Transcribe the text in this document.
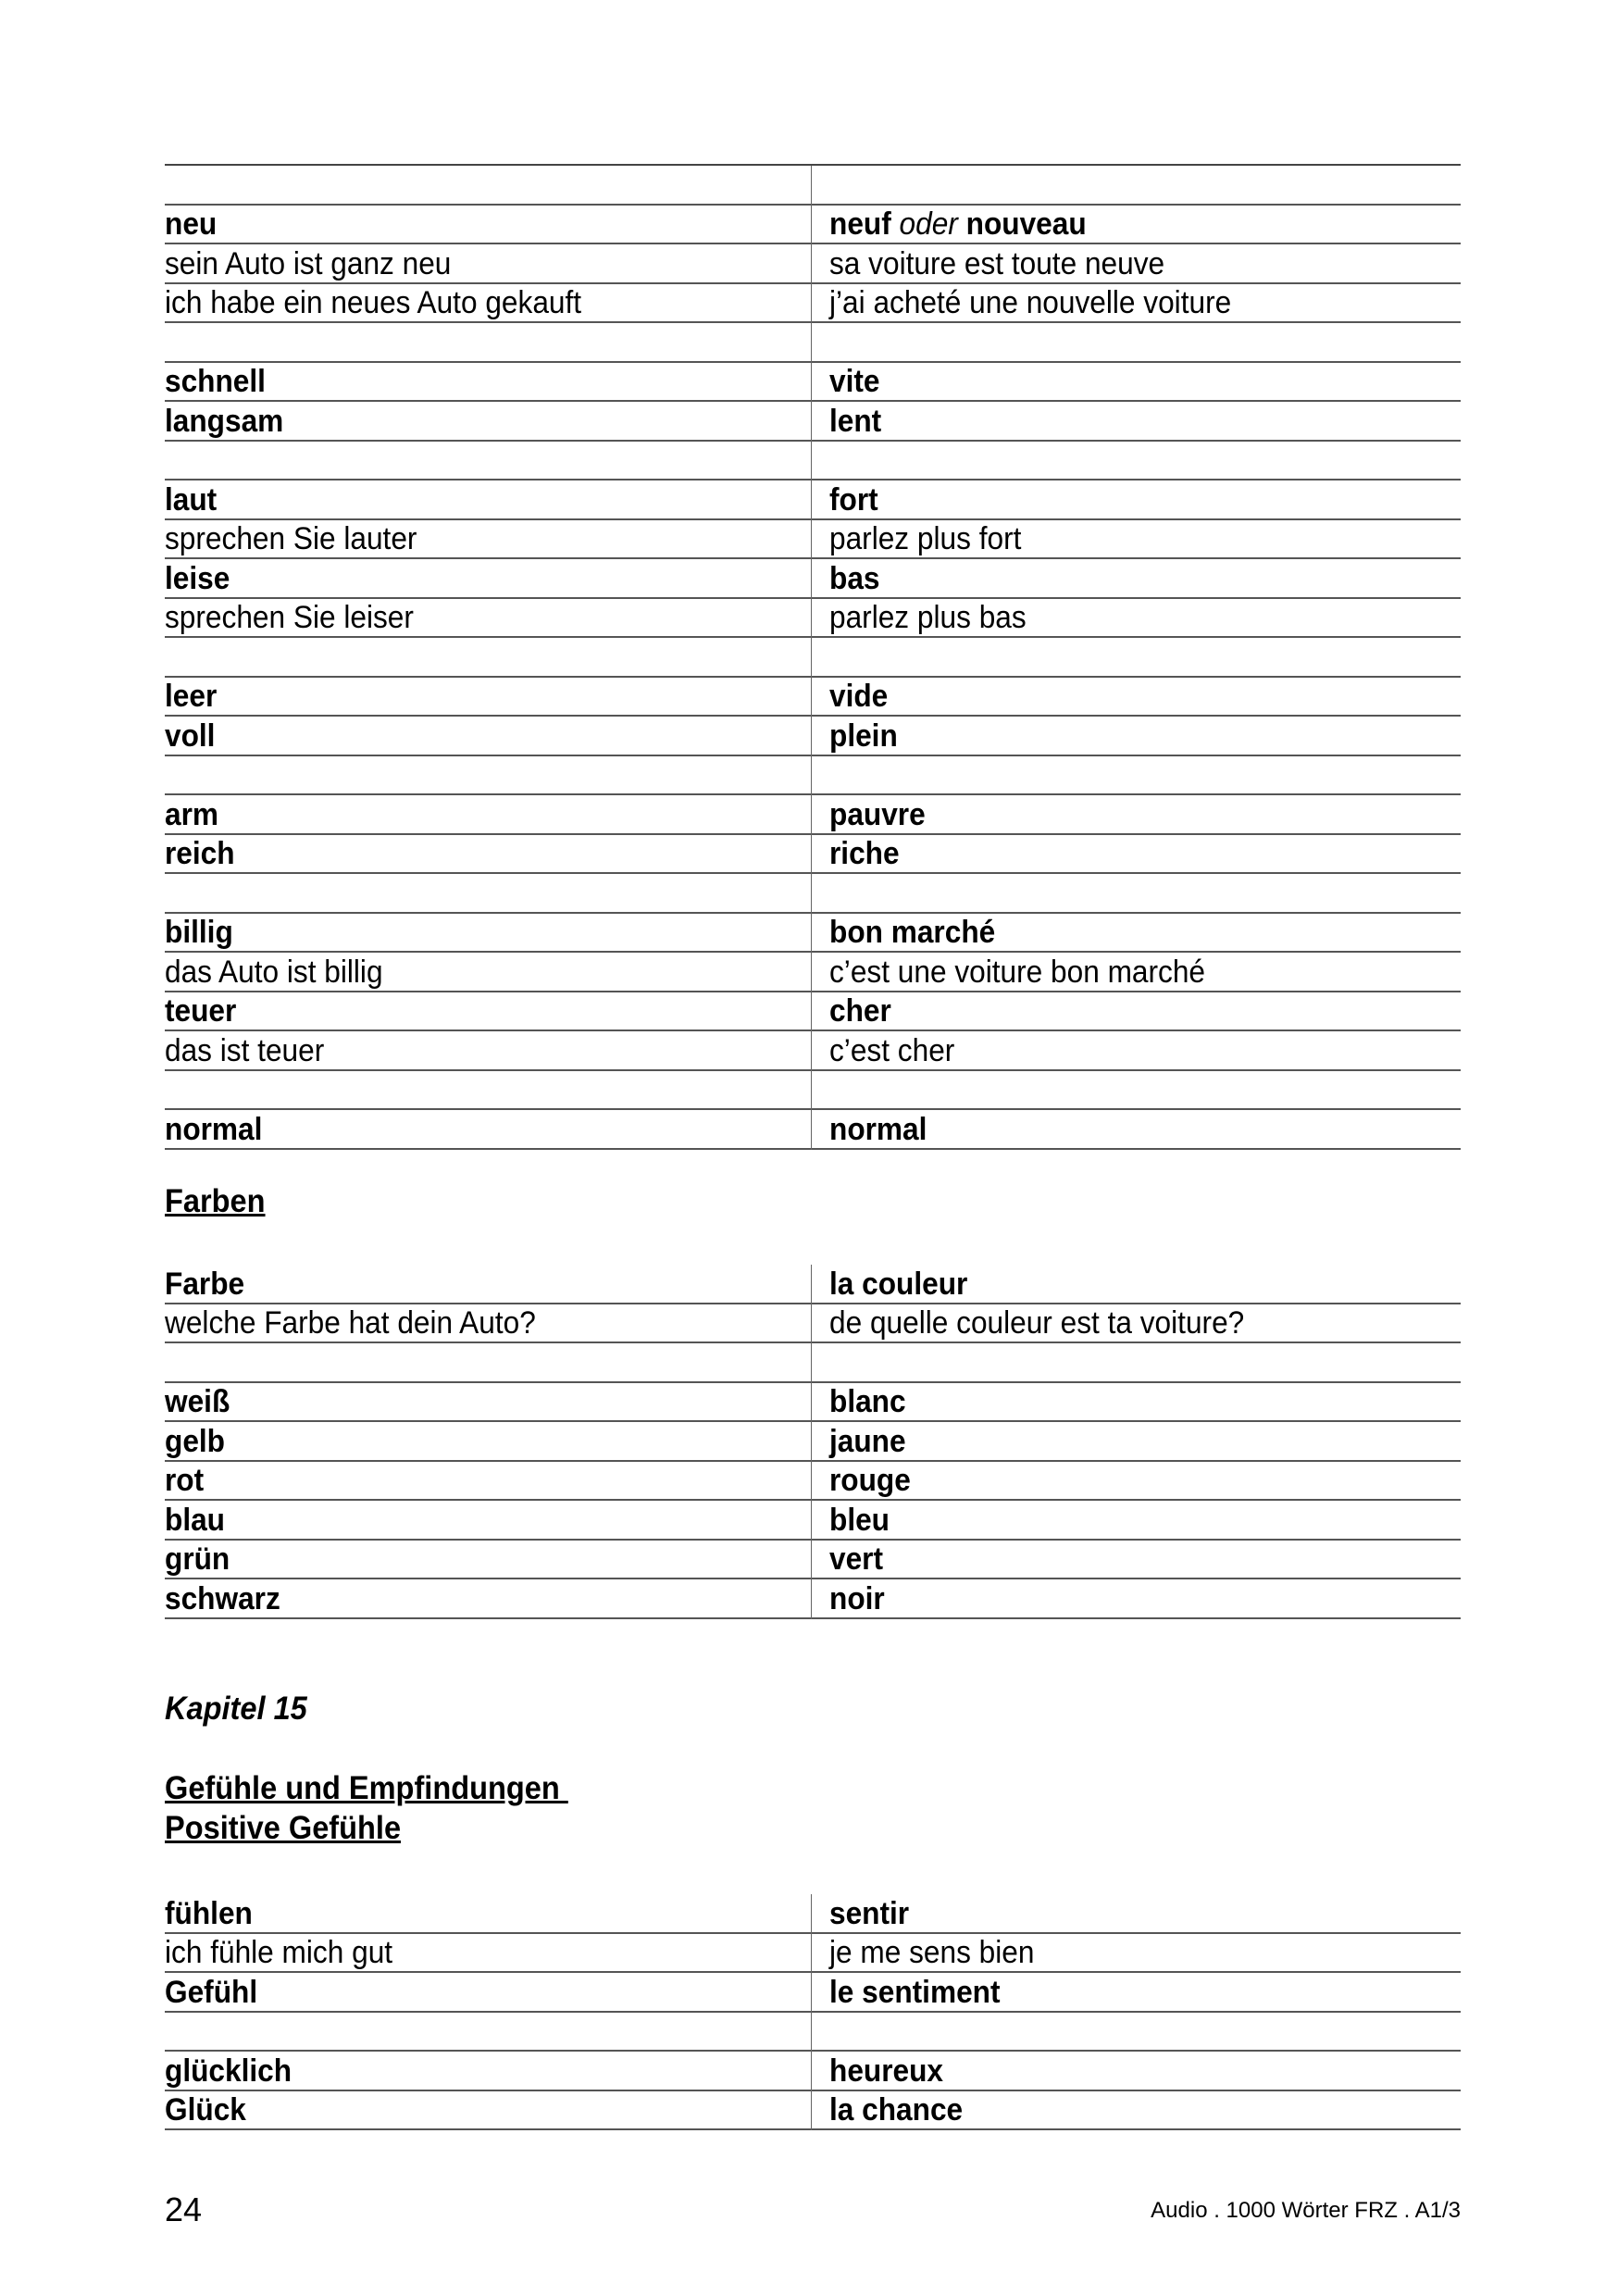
neu	neuf oder nouveau
sein Auto ist ganz neu	sa voiture est toute neuve
ich habe ein neues Auto gekauft	j’ai acheté une nouvelle voiture
schnell	vite
langsam	lent
laut	fort
sprechen Sie lauter	parlez plus fort
leise	bas
sprechen Sie leiser	parlez plus bas
leer	vide
voll	plein
arm	pauvre
reich	riche
billig	bon marché
das Auto ist billig	c’est une voiture bon marché
teuer	cher
das ist teuer	c’est cher
normal	normal
Farben
Farbe	la couleur
welche Farbe hat dein Auto?	de quelle couleur est ta voiture?
weiß	blanc
gelb	jaune
rot	rouge
blau	bleu
grün	vert
schwarz	noir
Kapitel 15
Gefühle und Empfindungen
Positive Gefühle
fühlen	sentir
ich fühle mich gut	je me sens bien
Gefühl	le sentiment
glücklich	heureux
Glück	la chance
24	Audio . 1000 Wörter FRZ . A1/3
